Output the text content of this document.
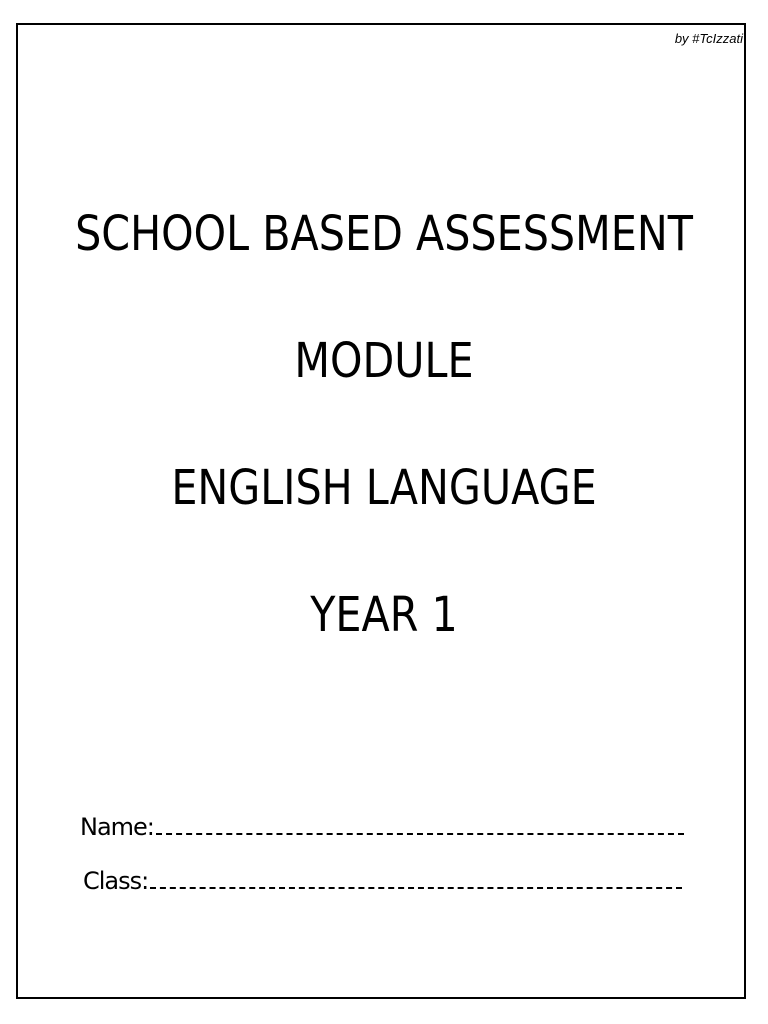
by #TcIzzati
SCHOOL BASED ASSESSMENT
MODULE
ENGLISH LANGUAGE
YEAR 1
Name:
Class:
